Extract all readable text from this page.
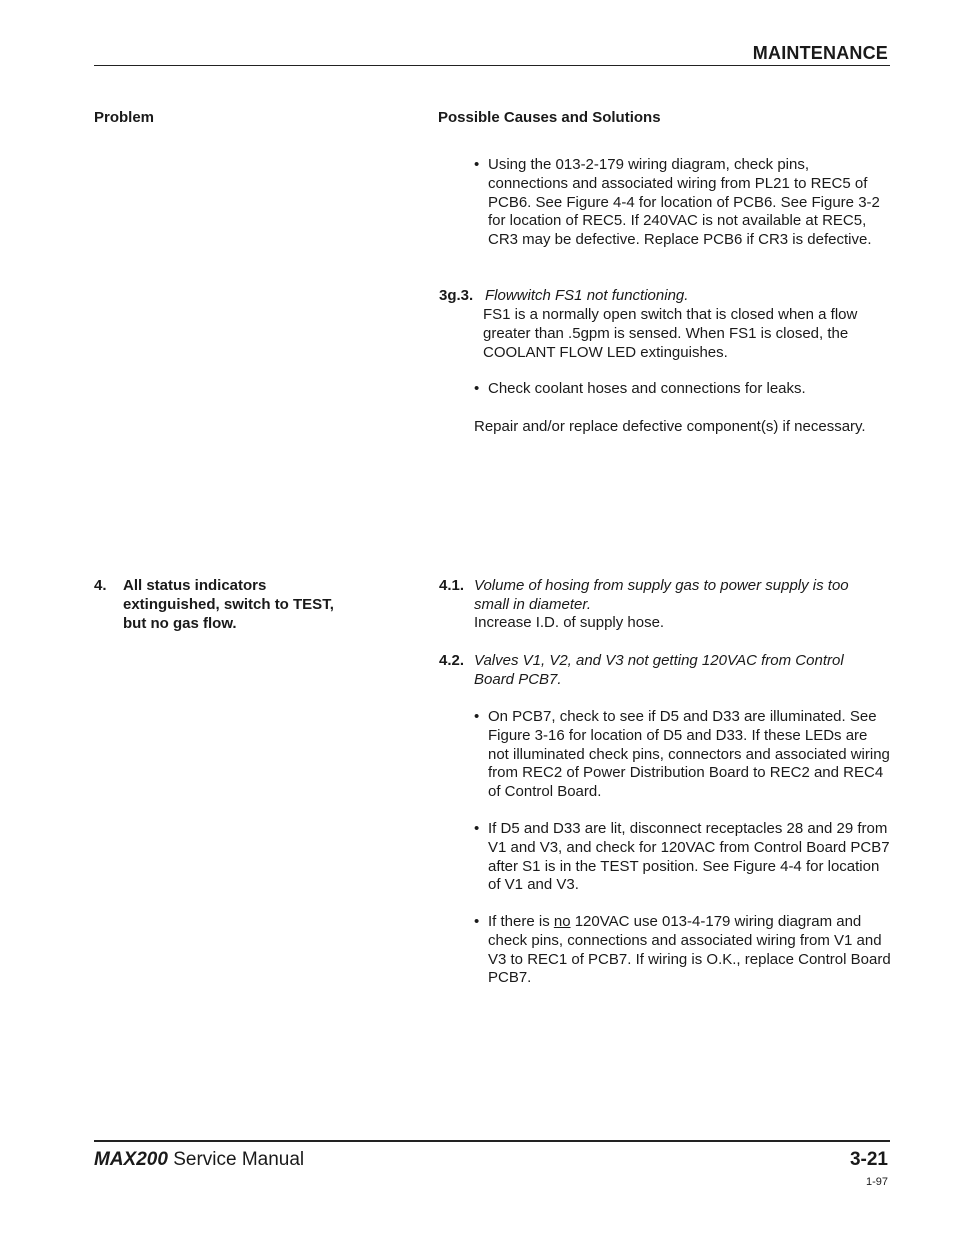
MAINTENANCE
Problem	Possible Causes and Solutions
• Using the 013-2-179 wiring diagram, check pins, connections and associated wiring from PL21 to REC5 of PCB6. See Figure 4-4 for location of PCB6. See Figure 3-2 for location of REC5. If 240VAC is not available at REC5, CR3 may be defective. Replace PCB6 if CR3 is defective.
3g.3. Flowwitch FS1 not functioning.
FS1 is a normally open switch that is closed when a flow greater than .5gpm is sensed. When FS1 is closed, the COOLANT FLOW LED extinguishes.
• Check coolant hoses and connections for leaks.
Repair and/or replace defective component(s) if necessary.
4. All status indicators extinguished, switch to TEST, but no gas flow.
4.1. Volume of hosing from supply gas to power supply is too small in diameter.
Increase I.D. of supply hose.
4.2. Valves V1, V2, and V3 not getting 120VAC from Control Board PCB7.
• On PCB7, check to see if D5 and D33 are illuminated. See Figure 3-16 for location of D5 and D33. If these LEDs are not illuminated check pins, connectors and associated wiring from REC2 of Power Distribution Board to REC2 and REC4 of Control Board.
• If D5 and D33 are lit, disconnect receptacles 28 and 29 from V1 and V3, and check for 120VAC from Control Board PCB7 after S1 is in the TEST position. See Figure 4-4 for location of V1 and V3.
• If there is no 120VAC use 013-4-179 wiring diagram and check pins, connections and associated wiring from V1 and V3 to REC1 of PCB7. If wiring is O.K., replace Control Board PCB7.
MAX200 Service Manual	3-21
1-97
